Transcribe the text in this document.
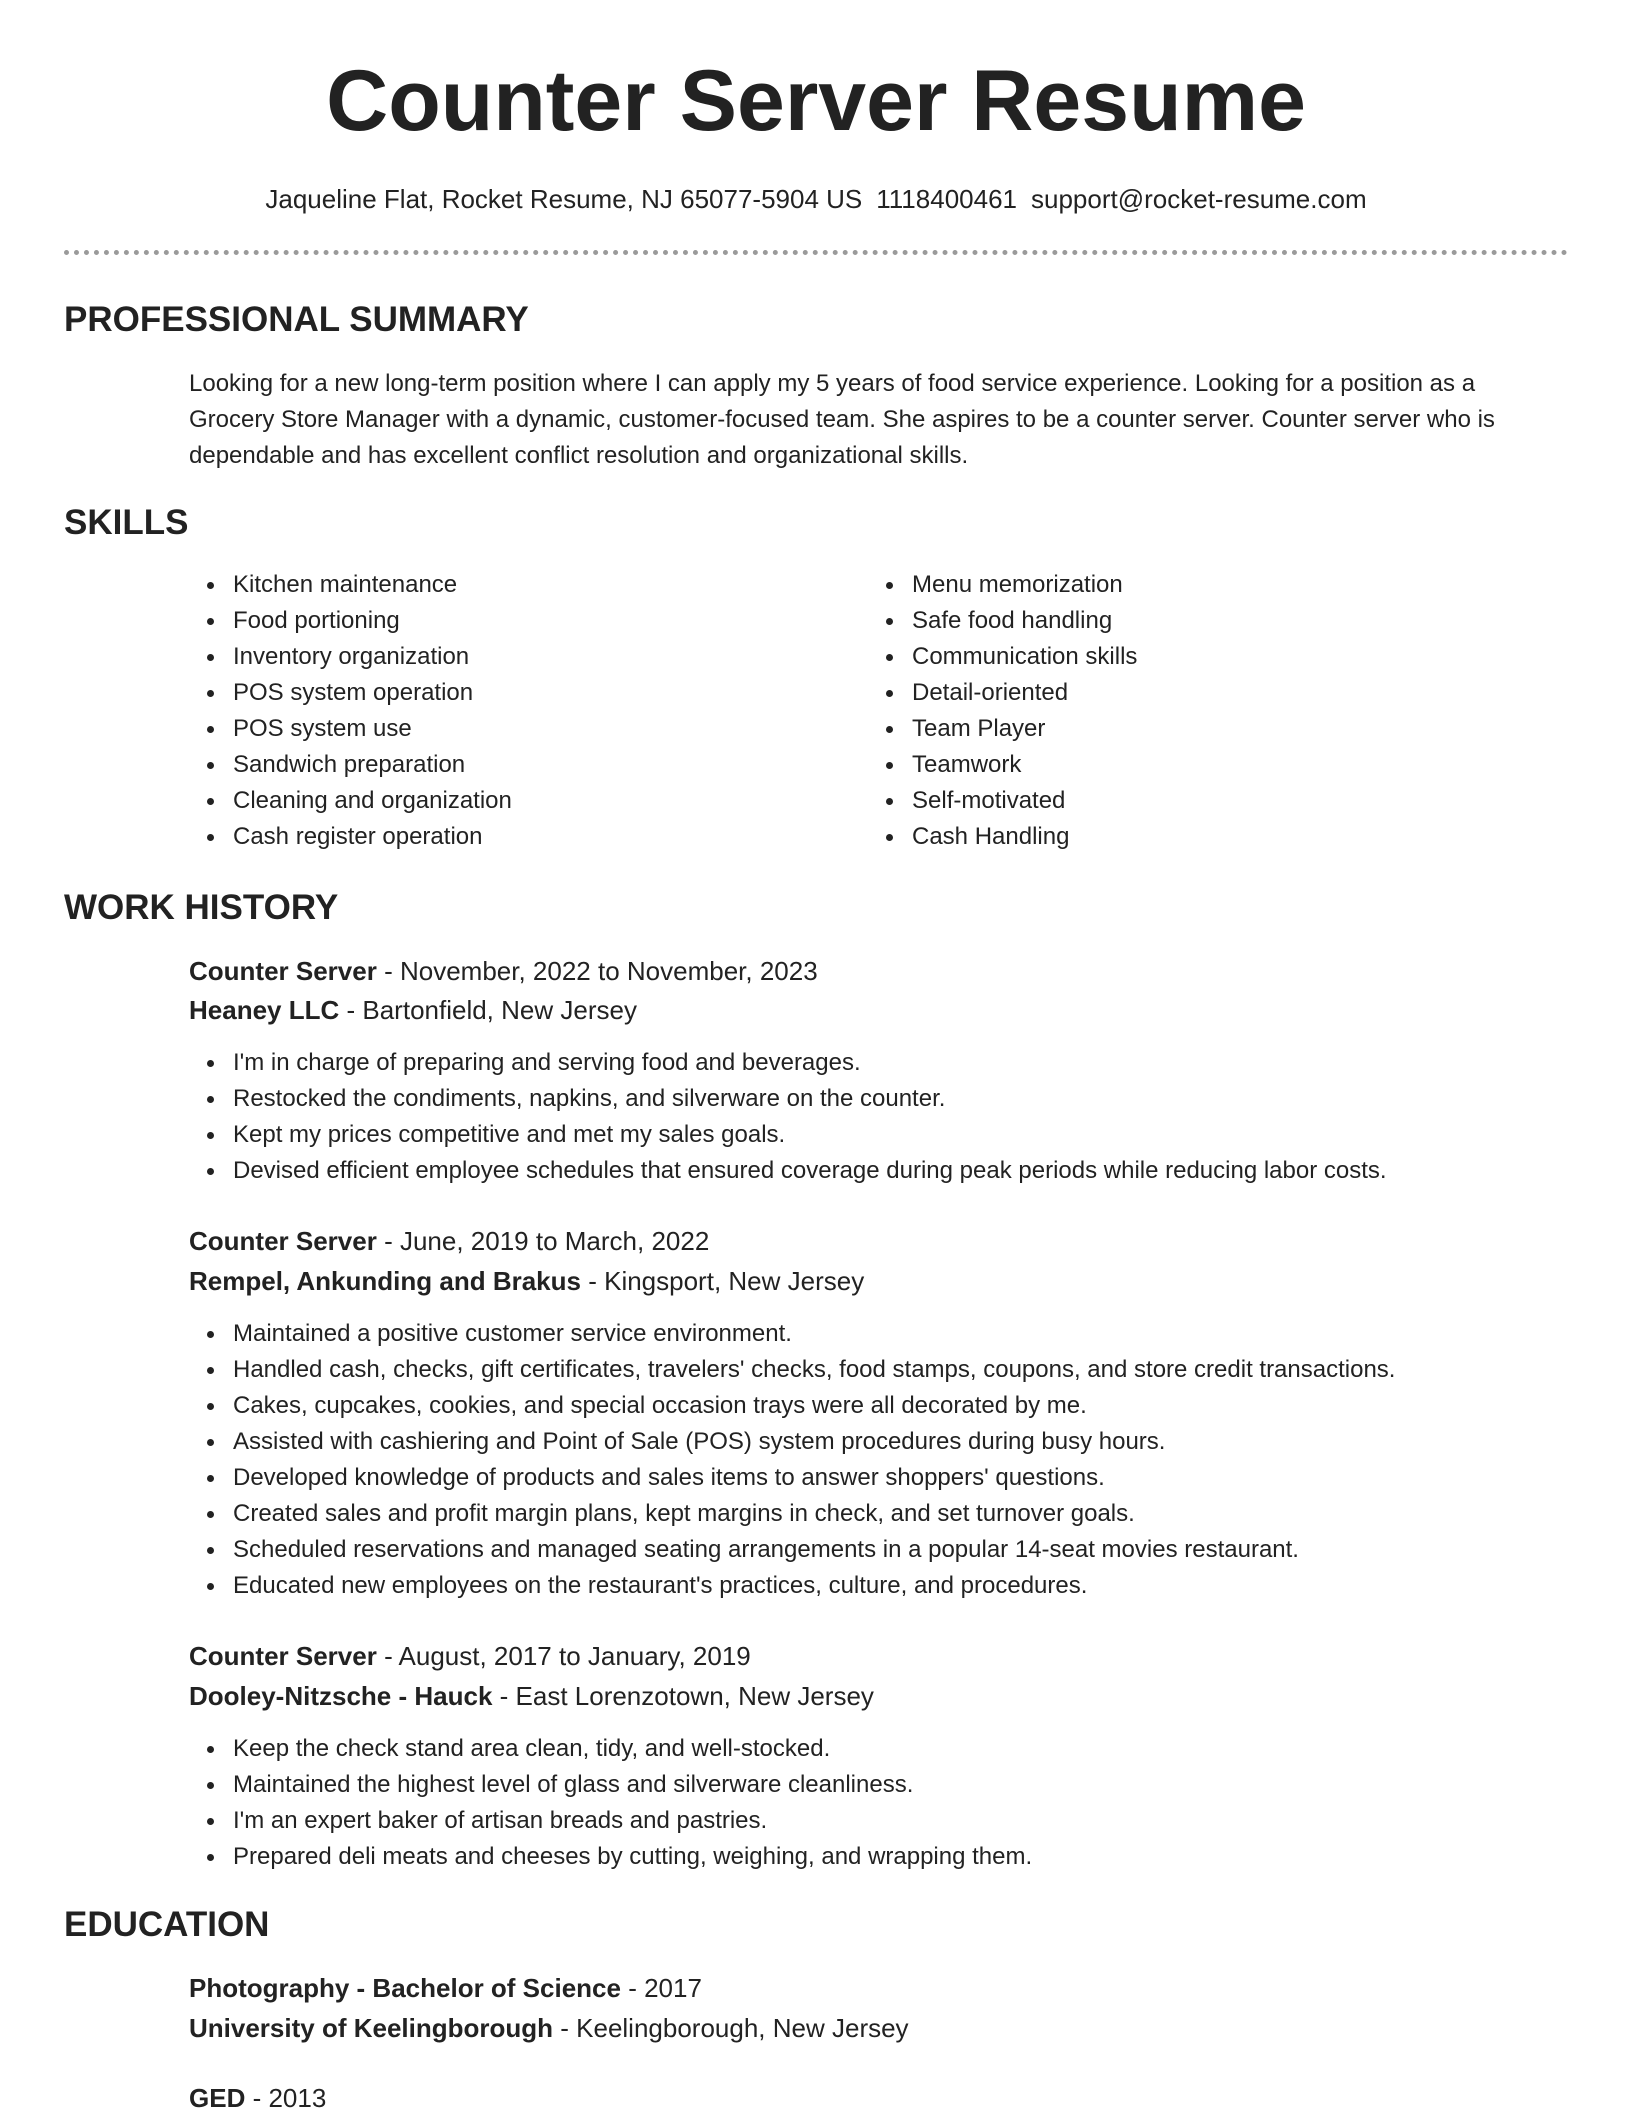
Counter Server Resume
Jaqueline Flat, Rocket Resume, NJ 65077-5904 US 1118400461 support@rocket-resume.com
PROFESSIONAL SUMMARY

Looking for a new long-term position where I can apply my 5 years of food service experience. Looking for a position as a Grocery Store Manager with a dynamic, customer-focused team. She aspires to be a counter server. Counter server who is dependable and has excellent conflict resolution and organizational skills.

SKILLS
Kitchen maintenance
Food portioning
Inventory organization
POS system operation
POS system use
Sandwich preparation
Cleaning and organization
Cash register operation
Menu memorization
Safe food handling
Communication skills
Detail-oriented
Team Player
Teamwork
Self-motivated
Cash Handling
WORK HISTORY
Counter Server - November, 2022 to November, 2023
Heaney LLC - Bartonfield, New Jersey
I'm in charge of preparing and serving food and beverages.
Restocked the condiments, napkins, and silverware on the counter.
Kept my prices competitive and met my sales goals.
Devised efficient employee schedules that ensured coverage during peak periods while reducing labor costs.
Counter Server - June, 2019 to March, 2022
Rempel, Ankunding and Brakus - Kingsport, New Jersey
Maintained a positive customer service environment.
Handled cash, checks, gift certificates, travelers' checks, food stamps, coupons, and store credit transactions.
Cakes, cupcakes, cookies, and special occasion trays were all decorated by me.
Assisted with cashiering and Point of Sale (POS) system procedures during busy hours.
Developed knowledge of products and sales items to answer shoppers' questions.
Created sales and profit margin plans, kept margins in check, and set turnover goals.
Scheduled reservations and managed seating arrangements in a popular 14-seat movies restaurant.
Educated new employees on the restaurant's practices, culture, and procedures.
Counter Server - August, 2017 to January, 2019
Dooley-Nitzsche - Hauck - East Lorenzotown, New Jersey
Keep the check stand area clean, tidy, and well-stocked.
Maintained the highest level of glass and silverware cleanliness.
I'm an expert baker of artisan breads and pastries.
Prepared deli meats and cheeses by cutting, weighing, and wrapping them.
EDUCATION
Photography - Bachelor of Science - 2017
University of Keelingborough - Keelingborough, New Jersey
GED - 2013
